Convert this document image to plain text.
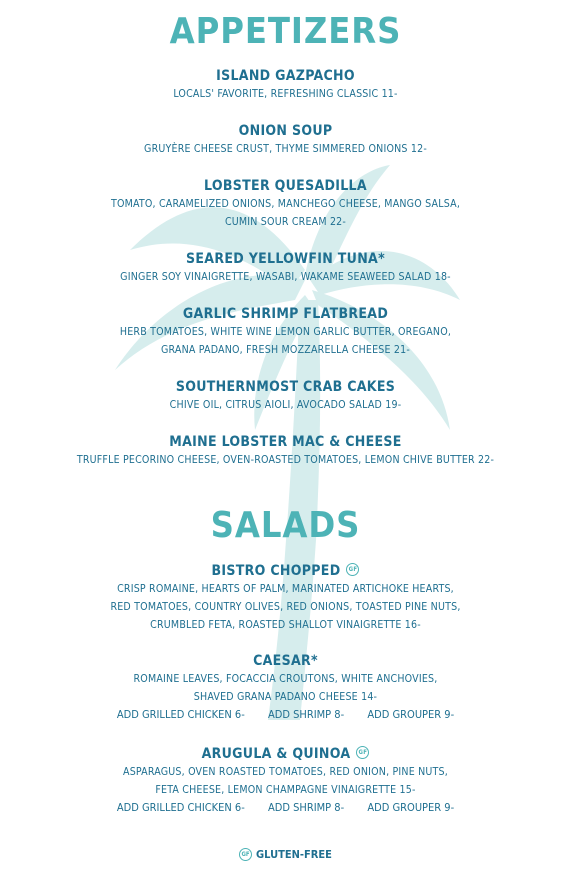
APPETIZERS
ISLAND GAZPACHO
LOCALS' FAVORITE, REFRESHING CLASSIC 11-
ONION SOUP
GRUYÈRE CHEESE CRUST, THYME SIMMERED ONIONS 12-
LOBSTER QUESADILLA
TOMATO, CARAMELIZED ONIONS, MANCHEGO CHEESE, MANGO SALSA,
CUMIN SOUR CREAM 22-
SEARED YELLOWFIN TUNA*
GINGER SOY VINAIGRETTE, WASABI, WAKAME SEAWEED SALAD 18-
GARLIC SHRIMP FLATBREAD
HERB TOMATOES, WHITE WINE LEMON GARLIC BUTTER, OREGANO,
GRANA PADANO, FRESH MOZZARELLA CHEESE 21-
SOUTHERNMOST CRAB CAKES
CHIVE OIL, CITRUS AIOLI, AVOCADO SALAD 19-
MAINE LOBSTER MAC & CHEESE
TRUFFLE PECORINO CHEESE, OVEN-ROASTED TOMATOES, LEMON CHIVE BUTTER 22-
SALADS
BISTRO CHOPPED GF
CRISP ROMAINE, HEARTS OF PALM, MARINATED ARTICHOKE HEARTS,
RED TOMATOES, COUNTRY OLIVES, RED ONIONS, TOASTED PINE NUTS,
CRUMBLED FETA, ROASTED SHALLOT VINAIGRETTE 16-
CAESAR*
ROMAINE LEAVES, FOCACCIA CROUTONS, WHITE ANCHOVIES,
SHAVED GRANA PADANO CHEESE 14-
ADD GRILLED CHICKEN 6- ADD SHRIMP 8- ADD GROUPER 9-
ARUGULA & QUINOA GF
ASPARAGUS, OVEN ROASTED TOMATOES, RED ONION, PINE NUTS,
FETA CHEESE, LEMON CHAMPAGNE VINAIGRETTE 15-
ADD GRILLED CHICKEN 6- ADD SHRIMP 8- ADD GROUPER 9-
GF GLUTEN-FREE
